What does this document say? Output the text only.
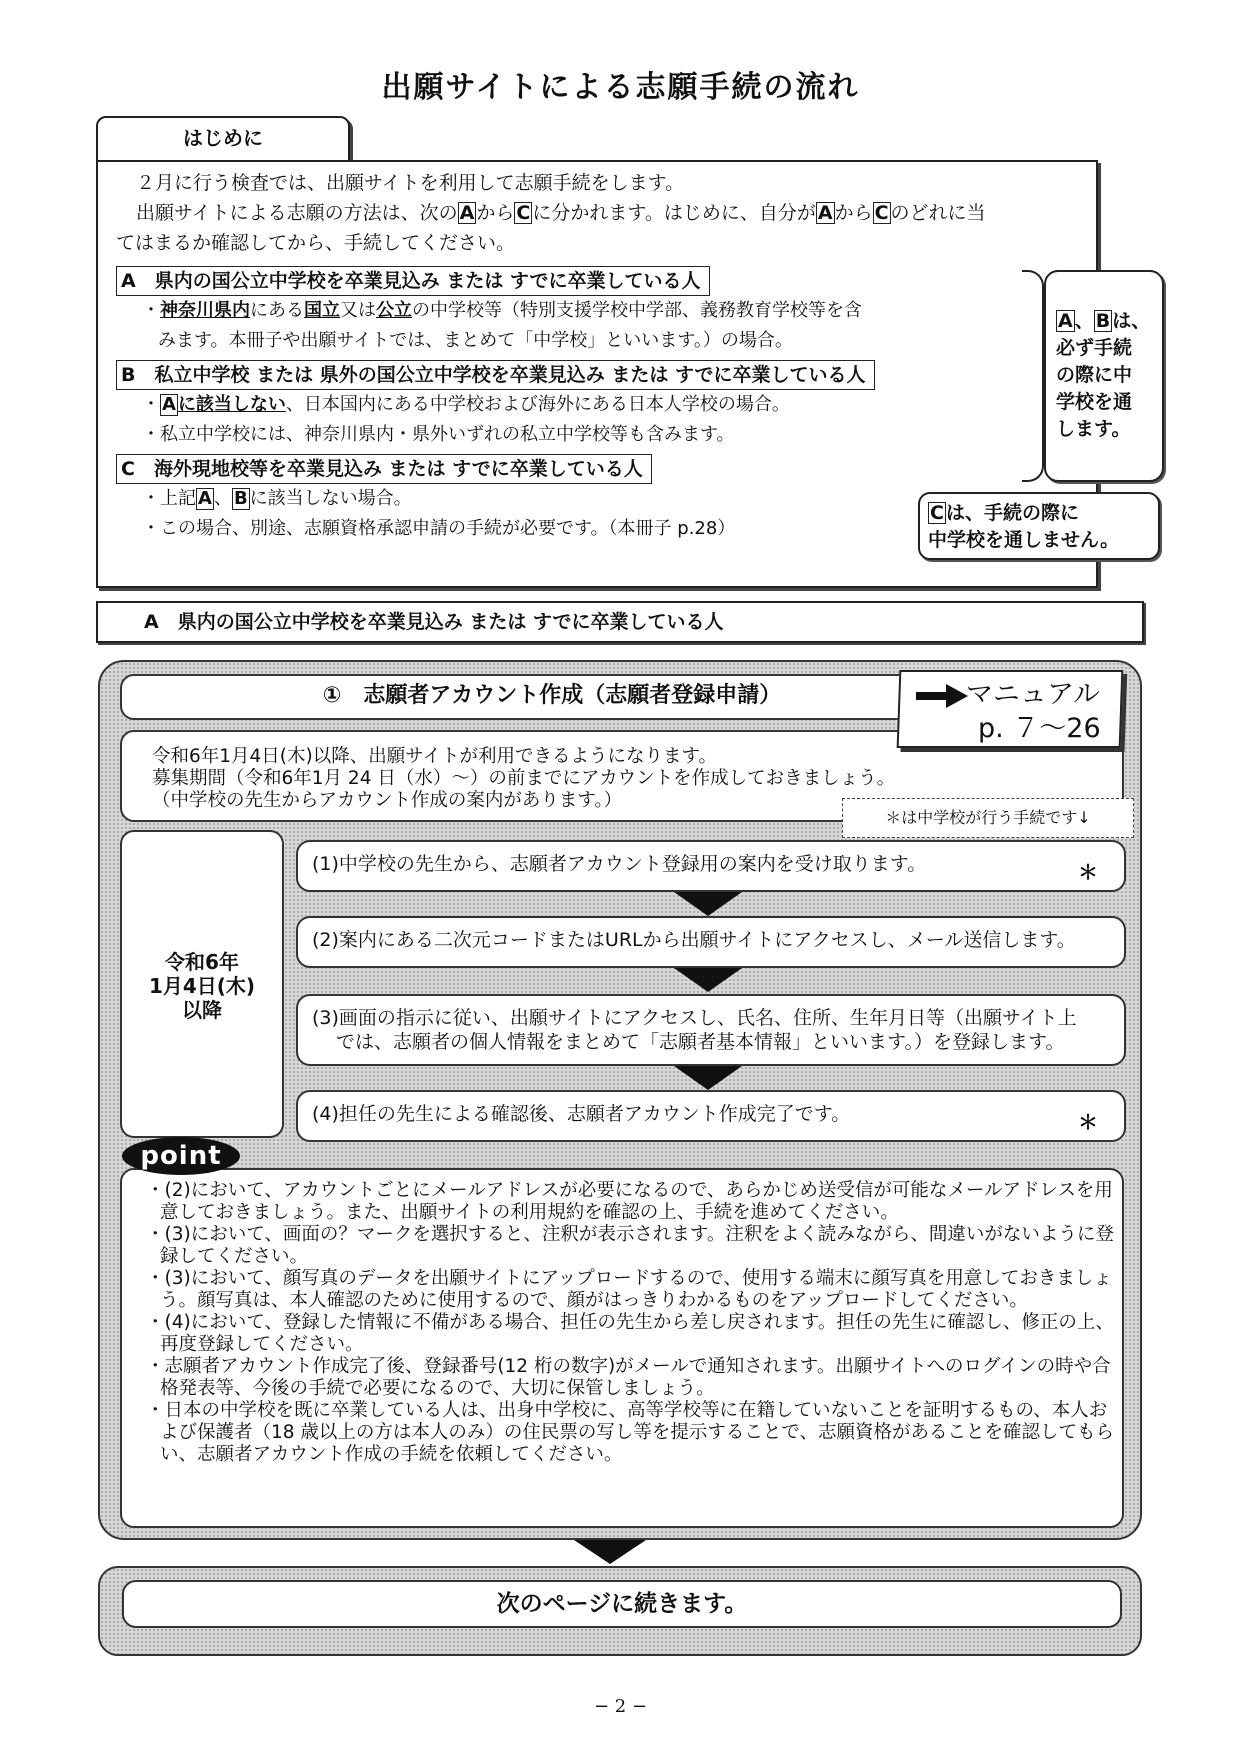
出願サイトによる志願手続の流れ
はじめに
２月に行う検査では、出願サイトを利用して志願手続をします。
出願サイトによる志願の方法は、次の A から C に分かれます。はじめに、自分が A から C のどれに当
てはまるか確認してから、手続してください。
A　県内の国公立中学校を卒業見込み または すでに卒業している人
・神奈川県内にある国立又は公立の中学校等（特別支援学校中学部、義務教育学校等を含
みます。本冊子や出願サイトでは、まとめて「中学校」といいます。）の場合。
B　私立中学校 または 県外の国公立中学校を卒業見込み または すでに卒業している人
・ A に該当しない、日本国内にある中学校および海外にある日本人学校の場合。
・私立中学校には、神奈川県内・県外いずれの私立中学校等も含みます。
C　海外現地校等を卒業見込み または すでに卒業している人
・上記 A 、 B に該当しない場合。
・この場合、別途、志願資格承認申請の手続が必要です。（本冊子 p.28）
A 、 B は、
必ず手続
の際に中
学校を通
します。
C は、手続の際に
中学校を通しません。
A　県内の国公立中学校を卒業見込み または すでに卒業している人
①　志願者アカウント作成（志願者登録申請）
令和6年1月4日(木)以降、出願サイトが利用できるようになります。
募集期間（令和6年1月 24 日（水）〜）の前までにアカウントを作成しておきましょう。
（中学校の先生からアカウント作成の案内があります。）
マニュアル
p. ７〜26
＊は中学校が行う手続です↓
令和6年
1月4日(木)
以降
(1)中学校の先生から、志願者アカウント登録用の案内を受け取ります。	＊
(2)案内にある二次元コードまたはURLから出願サイトにアクセスし、メール送信します。
(3)画面の指示に従い、出願サイトにアクセスし、氏名、住所、生年月日等（出願サイト上
では、志願者の個人情報をまとめて「志願者基本情報」といいます。）を登録します。
(4)担任の先生による確認後、志願者アカウント作成完了です。	＊
・(2)において、アカウントごとにメールアドレスが必要になるので、あらかじめ送受信が可能なメールアドレスを用意しておきましょう。また、出願サイトの利用規約を確認の上、手続を進めてください。
・(3)において、画面の？マークを選択すると、注釈が表示されます。注釈をよく読みながら、間違いがないように登録してください。
・(3)において、顔写真のデータを出願サイトにアップロードするので、使用する端末に顔写真を用意しておきましょう。顔写真は、本人確認のために使用するので、顔がはっきりわかるものをアップロードしてください。
・(4)において、登録した情報に不備がある場合、担任の先生から差し戻されます。担任の先生に確認し、修正の上、再度登録してください。
・志願者アカウント作成完了後、登録番号(12 桁の数字)がメールで通知されます。出願サイトへのログインの時や合格発表等、今後の手続で必要になるので、大切に保管しましょう。
・日本の中学校を既に卒業している人は、出身中学校に、高等学校等に在籍していないことを証明するもの、本人および保護者（18 歳以上の方は本人のみ）の住民票の写し等を提示することで、志願資格があることを確認してもらい、志願者アカウント作成の手続を依頼してください。
point
次のページに続きます。
− 2 −
